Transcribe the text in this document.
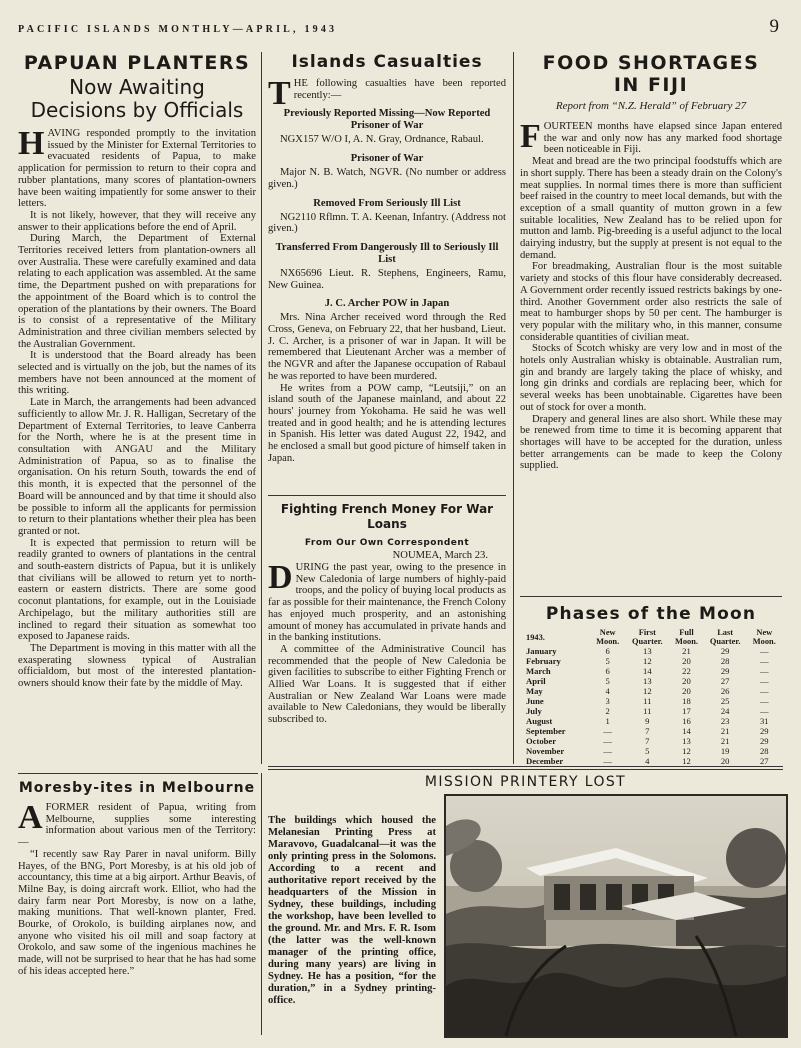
PACIFIC ISLANDS MONTHLY—APRIL, 1943	9
PAPUAN PLANTERS
Now Awaiting Decisions by Officials

HAVING responded promptly to the invitation issued by the Minister for External Territories to evacuated residents of Papua, to make application for permission to return to their copra and rubber plantations, many scores of plantation-owners have been waiting impatiently for some answer to their letters.

It is not likely, however, that they will receive any answer to their applications before the end of April.

During March, the Department of External Territories received letters from plantation-owners all over Australia. These were carefully examined and data relating to each application was assembled. At the same time, the Department pushed on with preparations for the appointment of the Board which is to control the operation of the plantations by their owners. The Board is to consist of a representative of the Military Administration and three civilian members selected by the Australian Government.

It is understood that the Board already has been selected and is virtually on the job, but the names of its members have not been announced at the moment of this writing.

Late in March, the arrangements had been advanced sufficiently to allow Mr. J. R. Halligan, Secretary of the Department of External Territories, to leave Canberra for the North, where he is at the present time in consultation with ANGAU and the Military Administration of Papua, so as to finalise the organisation. On his return South, towards the end of this month, it is expected that the personnel of the Board will be announced and by that time it should also be possible to inform all the applicants for permission to return to their plantations whether their plea has been granted or not.

It is expected that permission to return will be readily granted to owners of plantations in the central and south-eastern districts of Papua, but it is unlikely that civilians will be allowed to return yet to north-eastern or eastern districts. There are some good coconut plantations, for example, out in the Louisiade Archipelago, but the military authorities still are inclined to regard their situation as somewhat too exposed to Japanese raids.

The Department is moving in this matter with all the exasperating slowness typical of Australian officialdom, but most of the interested plantation-owners should know their fate by the middle of May.

Moresby-ites in Melbourne

AFORMER resident of Papua, writing from Melbourne, supplies some interesting information about various men of the Territory:—

“I recently saw Ray Parer in naval uniform. Billy Hayes, of the BNG, Port Moresby, is at his old job of accountancy, this time at a big airport. Arthur Beavis, of Milne Bay, is doing aircraft work. Elliot, who had the dairy farm near Port Moresby, is now on a lathe, making munitions. That well-known planter, Fred. Bourke, of Orokolo, is building airplanes now, and anyone who visited his oil mill and soap factory at Orokolo, and saw some of the ingenious machines he made, will not be surprised to hear that he has had some of his ideas accepted here.”

Islands Casualties

THE following casualties have been reported recently:—

Previously Reported Missing—Now Reported Prisoner of War

NGX157 W/O I, A. N. Gray, Ordnance, Rabaul.

Prisoner of War

Major N. B. Watch, NGVR. (No number or address given.)

Removed From Seriously Ill List

NG2110 Rflmn. T. A. Keenan, Infantry. (Address not given.)

Transferred From Dangerously Ill to Seriously Ill List

NX65696 Lieut. R. Stephens, Engineers, Ramu, New Guinea.

J. C. Archer POW in Japan

Mrs. Nina Archer received word through the Red Cross, Geneva, on February 22, that her husband, Lieut. J. C. Archer, is a prisoner of war in Japan. It will be remembered that Lieutenant Archer was a member of the NGVR and after the Japanese occupation of Rabaul he was reported to have been murdered.

He writes from a POW camp, “Leutsiji,” on an island south of the Japanese mainland, and about 22 hours' journey from Yokohama. He said he was well treated and in good health; and he is attending lectures in Spanish. His letter was dated August 22, 1942, and he enclosed a small but good picture of himself taken in Japan.

Fighting French Money For War Loans
From Our Own Correspondent
NOUMEA, March 23.

DURING the past year, owing to the presence in New Caledonia of large numbers of highly-paid troops, and the policy of buying local products as far as possible for their maintenance, the French Colony has enjoyed much prosperity, and an astonishing amount of money has accumulated in private hands and in the banking institutions.

A committee of the Administrative Council has recommended that the people of New Caledonia be given facilities to subscribe to either Fighting French or Allied War Loans. It is suggested that if either Australian or New Zealand War Loans were made available to New Caledonians, they would be liberally subscribed to.

FOOD SHORTAGES IN FIJI
Report from “N.Z. Herald” of February 27

FOURTEEN months have elapsed since Japan entered the war and only now has any marked food shortage been noticeable in Fiji.

Meat and bread are the two principal foodstuffs which are in short supply. There has been a steady drain on the Colony's meat supplies. In normal times there is more than sufficient beef raised in the country to meet local demands, but with the exception of a small quantity of mutton grown in a few suitable localities, New Zealand has to be relied upon for mutton and lamb. Pig-breeding is a useful adjunct to the local dairying industry, but the supply at present is not equal to the demand.

For breadmaking, Australian flour is the most suitable variety and stocks of this flour have considerably decreased. A Government order recently issued restricts bakings by one-third. Another Government order also restricts the sale of meat to hamburger shops by 50 per cent. The hamburger is very popular with the military who, in this manner, consume considerable quantities of civilian meat.

Stocks of Scotch whisky are very low and in most of the hotels only Australian whisky is obtainable. Australian rum, gin and brandy are largely taking the place of whisky, and long gin drinks and cordials are replacing beer, which for several weeks has been unobtainable. Cigarettes have been out of stock for over a month.

Drapery and general lines are also short. While these may be renewed from time to time it is becoming apparent that shortages will have to be accepted for the duration, unless better arrangements can be made to keep the Colony supplied.

Phases of the Moon
1943.	New Moon.	First Quarter.	Full Moon.	Last Quarter.	New Moon.
January	6	13	21	29	—
February	5	12	20	28	—
March	6	14	22	29	—
April	5	13	20	27	—
May	4	12	20	26	—
June	3	11	18	25	—
July	2	11	17	24	—
August	1	9	16	23	31
September	—	7	14	21	29
October	—	7	13	21	29
November	—	5	12	19	28
December	—	4	12	20	27
MISSION PRINTERY LOST

The buildings which housed the Melanesian Printing Press at Maravovo, Guadalcanal—it was the only printing press in the Solomons. According to a recent and authoritative report received by the headquarters of the Mission in Sydney, these buildings, including the workshop, have been levelled to the ground. Mr. and Mrs. F. R. Isom (the latter was the well-known manager of the printing office, during many years) are living in Sydney. He has a position, “for the duration,” in a Sydney printing-office.
